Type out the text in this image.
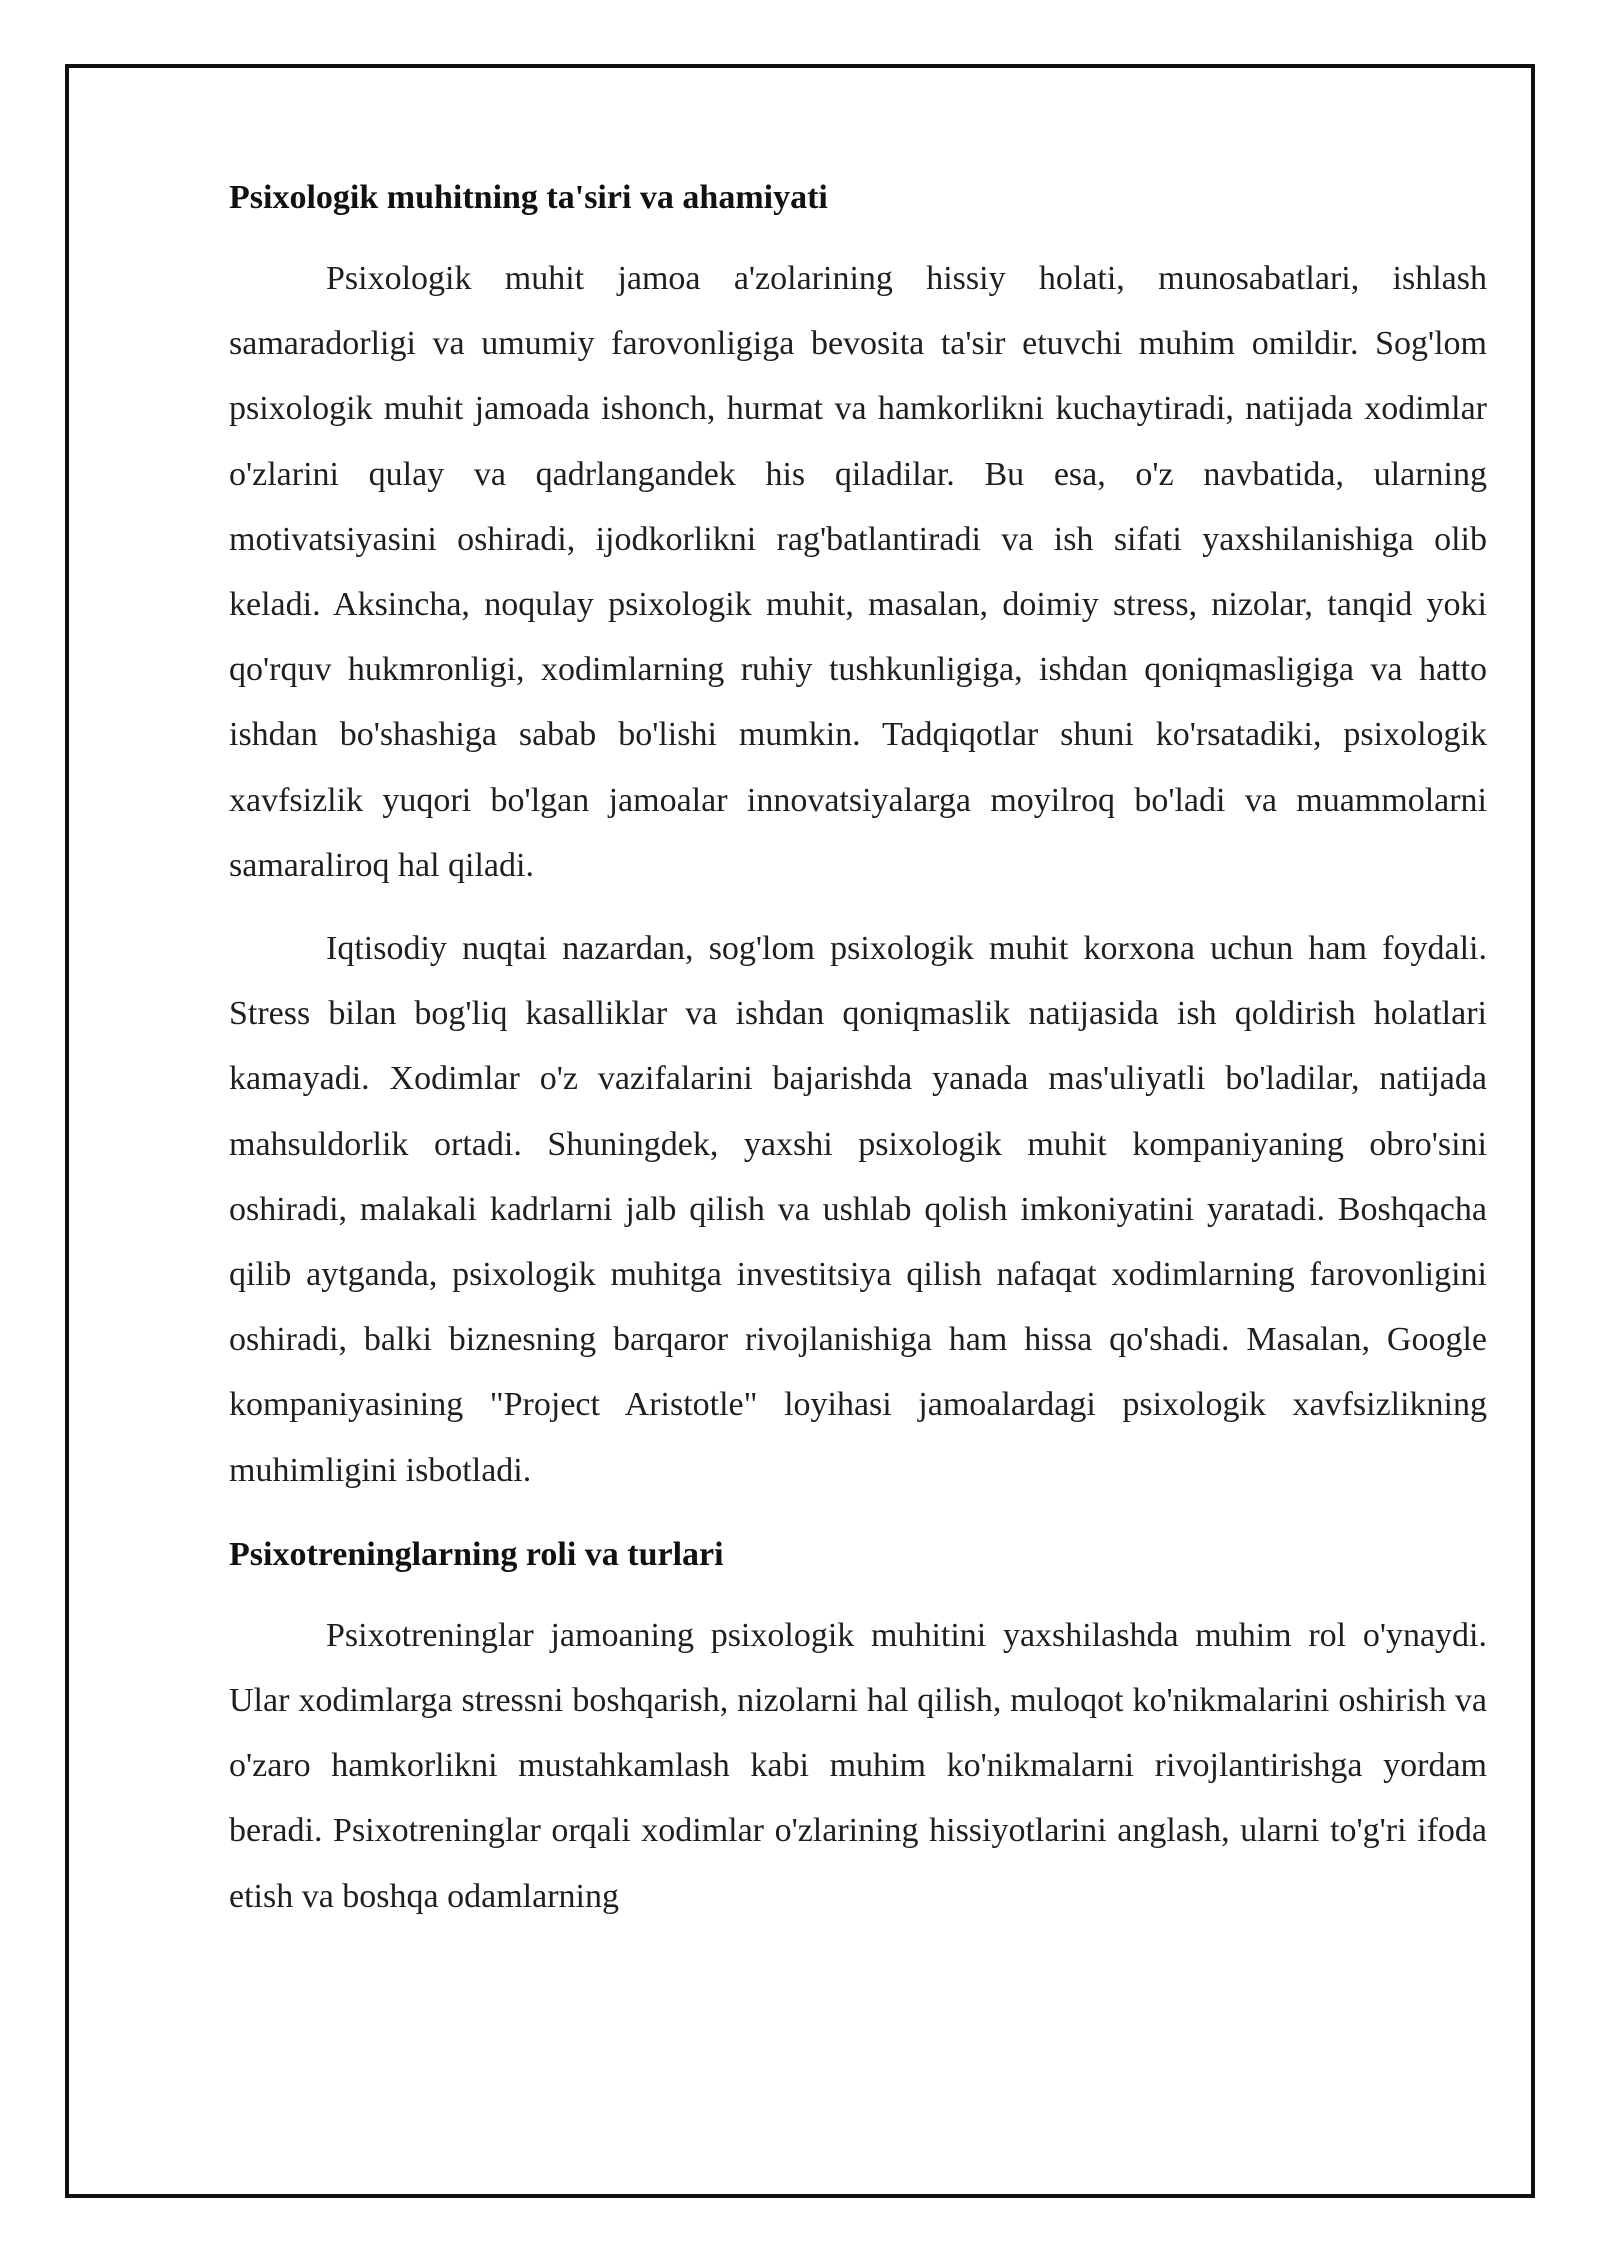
Psixologik muhitning ta'siri va ahamiyati

Psixologik muhit jamoa a'zolarining hissiy holati, munosabatlari, ishlash samaradorligi va umumiy farovonligiga bevosita ta'sir etuvchi muhim omildir. Sog'lom psixologik muhit jamoada ishonch, hurmat va hamkorlikni kuchaytiradi, natijada xodimlar o'zlarini qulay va qadrlangandek his qiladilar. Bu esa, o'z navbatida, ularning motivatsiyasini oshiradi, ijodkorlikni rag'batlantiradi va ish sifati yaxshilanishiga olib keladi. Aksincha, noqulay psixologik muhit, masalan, doimiy stress, nizolar, tanqid yoki qo'rquv hukmronligi, xodimlarning ruhiy tushkunligiga, ishdan qoniqmasligiga va hatto ishdan bo'shashiga sabab bo'lishi mumkin. Tadqiqotlar shuni ko'rsatadiki, psixologik xavfsizlik yuqori bo'lgan jamoalar innovatsiyalarga moyilroq bo'ladi va muammolarni samaraliroq hal qiladi.

Iqtisodiy nuqtai nazardan, sog'lom psixologik muhit korxona uchun ham foydali. Stress bilan bog'liq kasalliklar va ishdan qoniqmaslik natijasida ish qoldirish holatlari kamayadi. Xodimlar o'z vazifalarini bajarishda yanada mas'uliyatli bo'ladilar, natijada mahsuldorlik ortadi. Shuningdek, yaxshi psixologik muhit kompaniyaning obro'sini oshiradi, malakali kadrlarni jalb qilish va ushlab qolish imkoniyatini yaratadi. Boshqacha qilib aytganda, psixologik muhitga investitsiya qilish nafaqat xodimlarning farovonligini oshiradi, balki biznesning barqaror rivojlanishiga ham hissa qo'shadi. Masalan, Google kompaniyasining "Project Aristotle" loyihasi jamoalardagi psixologik xavfsizlikning muhimligini isbotladi.

Psixotreninglarning roli va turlari

Psixotreninglar jamoaning psixologik muhitini yaxshilashda muhim rol o'ynaydi. Ular xodimlarga stressni boshqarish, nizolarni hal qilish, muloqot ko'nikmalarini oshirish va o'zaro hamkorlikni mustahkamlash kabi muhim ko'nikmalarni rivojlantirishga yordam beradi. Psixotreninglar orqali xodimlar o'zlarining hissiyotlarini anglash, ularni to'g'ri ifoda etish va boshqa odamlarning
